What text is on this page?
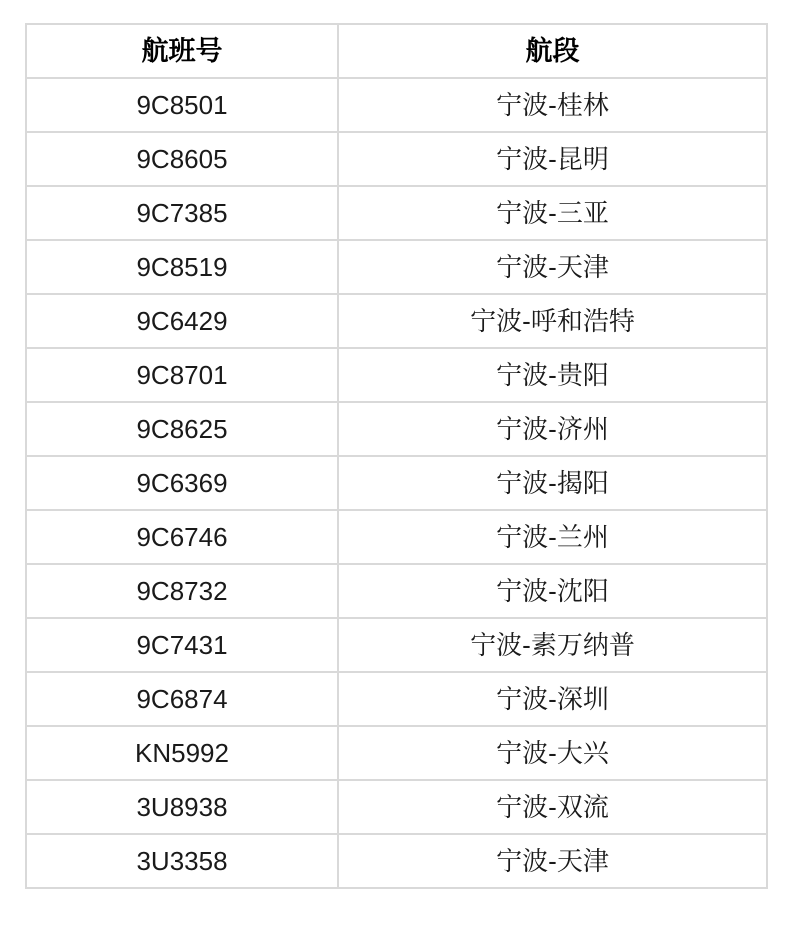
航班号	航段
9C8501	宁波-桂林
9C8605	宁波-昆明
9C7385	宁波-三亚
9C8519	宁波-天津
9C6429	宁波-呼和浩特
9C8701	宁波-贵阳
9C8625	宁波-济州
9C6369	宁波-揭阳
9C6746	宁波-兰州
9C8732	宁波-沈阳
9C7431	宁波-素万纳普
9C6874	宁波-深圳
KN5992	宁波-大兴
3U8938	宁波-双流
3U3358	宁波-天津
